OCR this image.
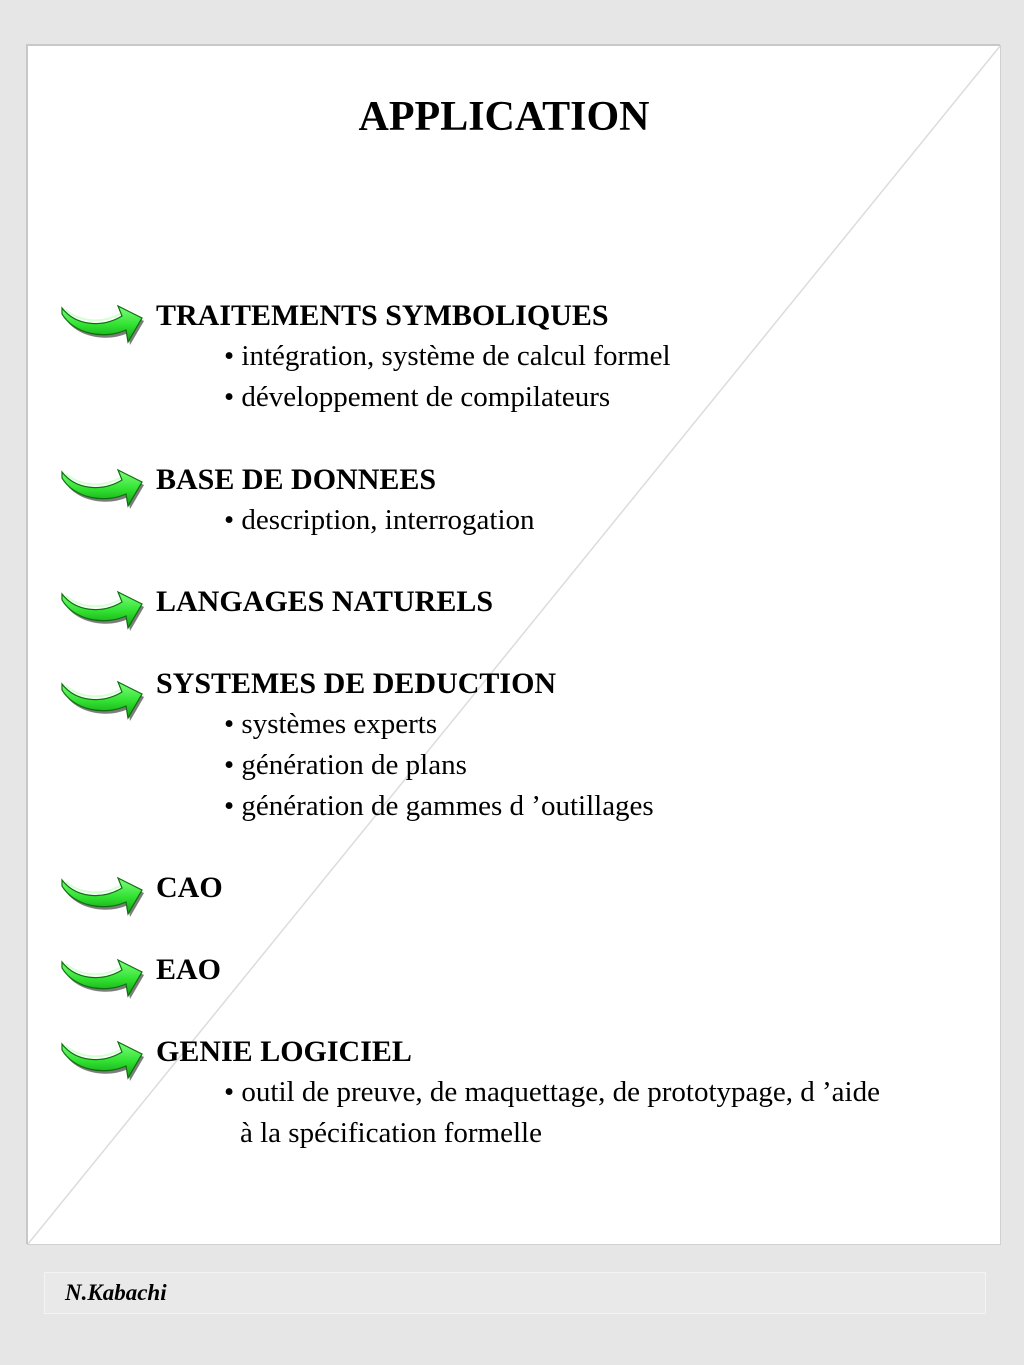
APPLICATION

TRAITEMENTS SYMBOLIQUES

• intégration, système de calcul formel

• développement de compilateurs

BASE DE DONNEES

• description, interrogation

LANGAGES NATURELS

SYSTEMES DE DEDUCTION

• systèmes experts

• génération de plans

• génération de gammes d ’outillages

CAO

EAO

GENIE LOGICIEL

• outil de preuve, de maquettage, de prototypage, d ’aide

à la spécification formelle

N.Kabachi
